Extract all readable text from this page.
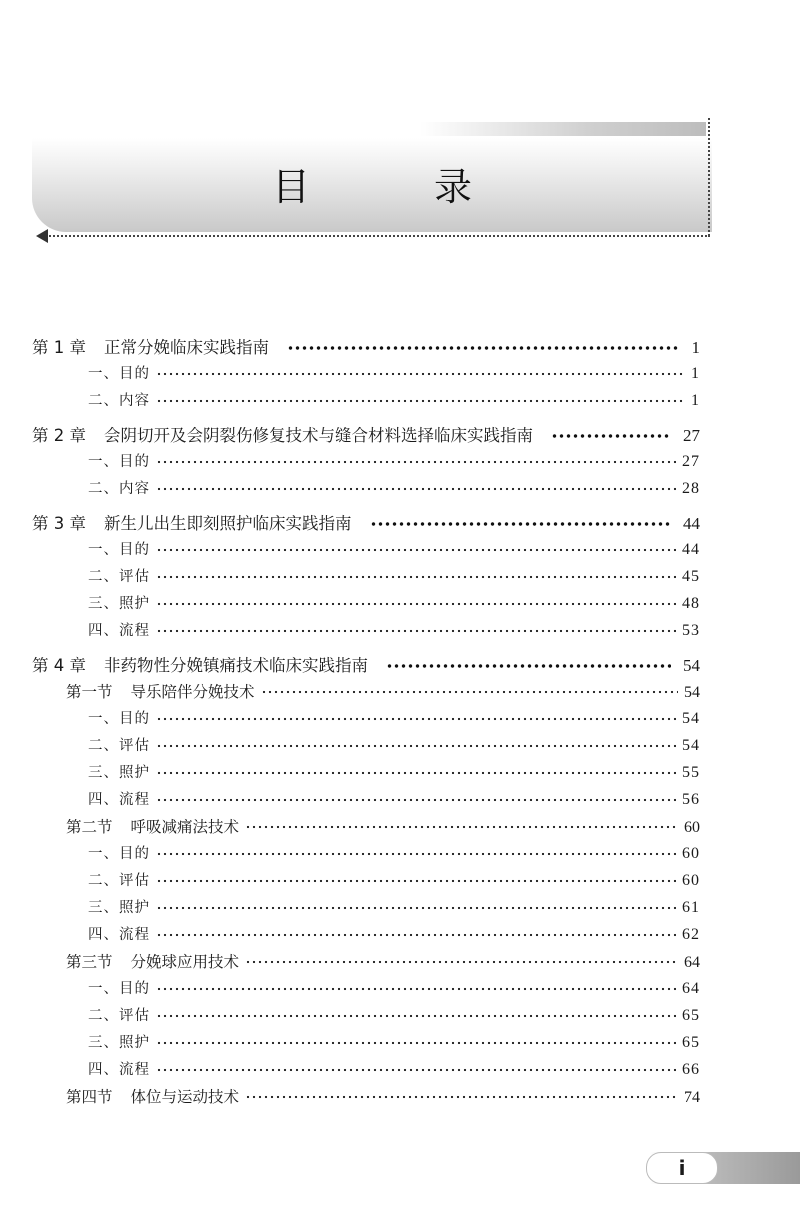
目 录
第 1 章 正常分娩临床实践指南	1
一、目的	1
二、内容	1
第 2 章 会阴切开及会阴裂伤修复技术与缝合材料选择临床实践指南	27
一、目的	27
二、内容	28
第 3 章 新生儿出生即刻照护临床实践指南	44
一、目的	44
二、评估	45
三、照护	48
四、流程	53
第 4 章 非药物性分娩镇痛技术临床实践指南	54
第一节 导乐陪伴分娩技术	54
一、目的	54
二、评估	54
三、照护	55
四、流程	56
第二节 呼吸减痛法技术	60
一、目的	60
二、评估	60
三、照护	61
四、流程	62
第三节 分娩球应用技术	64
一、目的	64
二、评估	65
三、照护	65
四、流程	66
第四节 体位与运动技术	74
i
